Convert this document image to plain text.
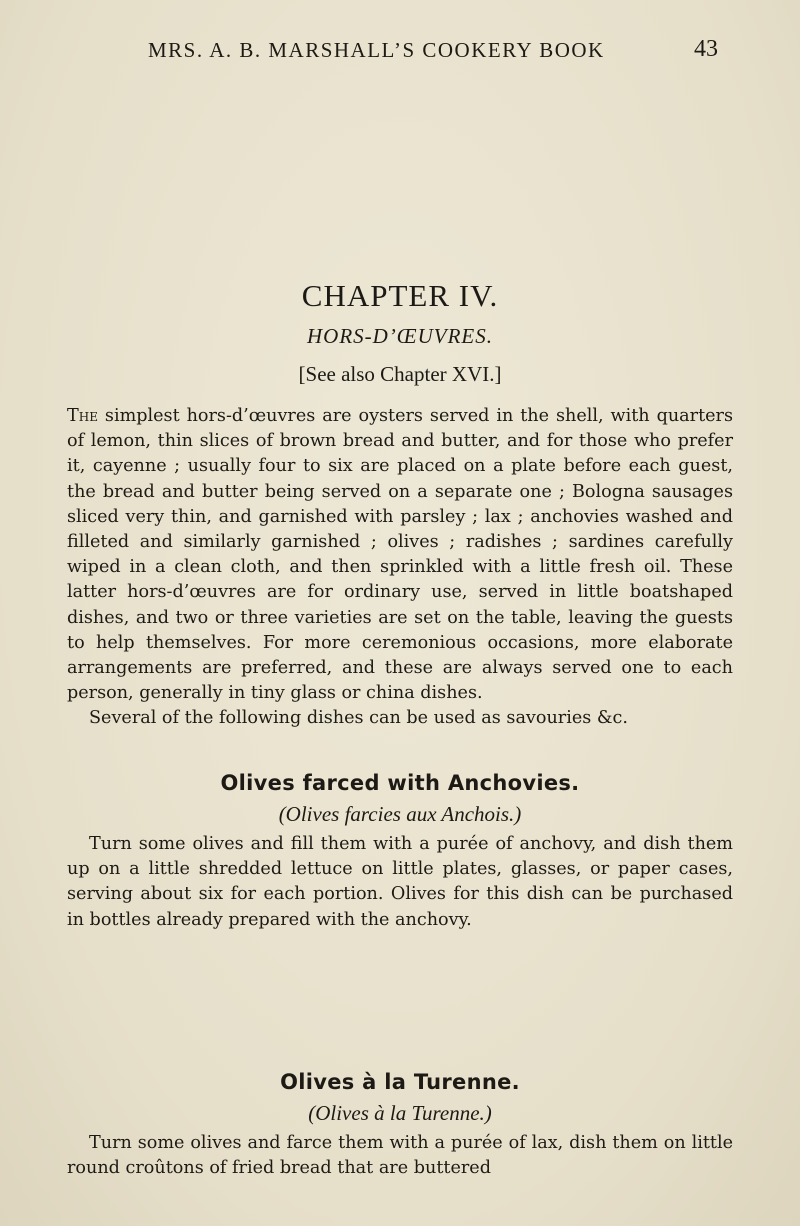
MRS. A. B. MARSHALL’S COOKERY BOOK	43
CHAPTER IV.
HORS-D’ŒUVRES.
[See also Chapter XVI.]

The simplest hors-d’œuvres are oysters served in the shell, with quarters of lemon, thin slices of brown bread and butter, and for those who prefer it, cayenne ; usually four to six are placed on a plate before each guest, the bread and butter being served on a separate one ; Bologna sausages sliced very thin, and garnished with parsley ; lax ; anchovies washed and filleted and similarly garnished ; olives ; radishes ; sardines carefully wiped in a clean cloth, and then sprinkled with a little fresh oil. These latter hors-d’œuvres are for ordinary use, served in little boatshaped dishes, and two or three varieties are set on the table, leaving the guests to help themselves. For more ceremonious occasions, more elaborate arrangements are preferred, and these are always served one to each person, generally in tiny glass or china dishes.
Several of the following dishes can be used as savouries &c.

Olives farced with Anchovies.
(Olives farcies aux Anchois.)

Turn some olives and fill them with a purée of anchovy, and dish them up on a little shredded lettuce on little plates, glasses, or paper cases, serving about six for each portion. Olives for this dish can be purchased in bottles already prepared with the anchovy.

Olives à la Turenne.
(Olives à la Turenne.)

Turn some olives and farce them with a purée of lax, dish them on little round croûtons of fried bread that are buttered
